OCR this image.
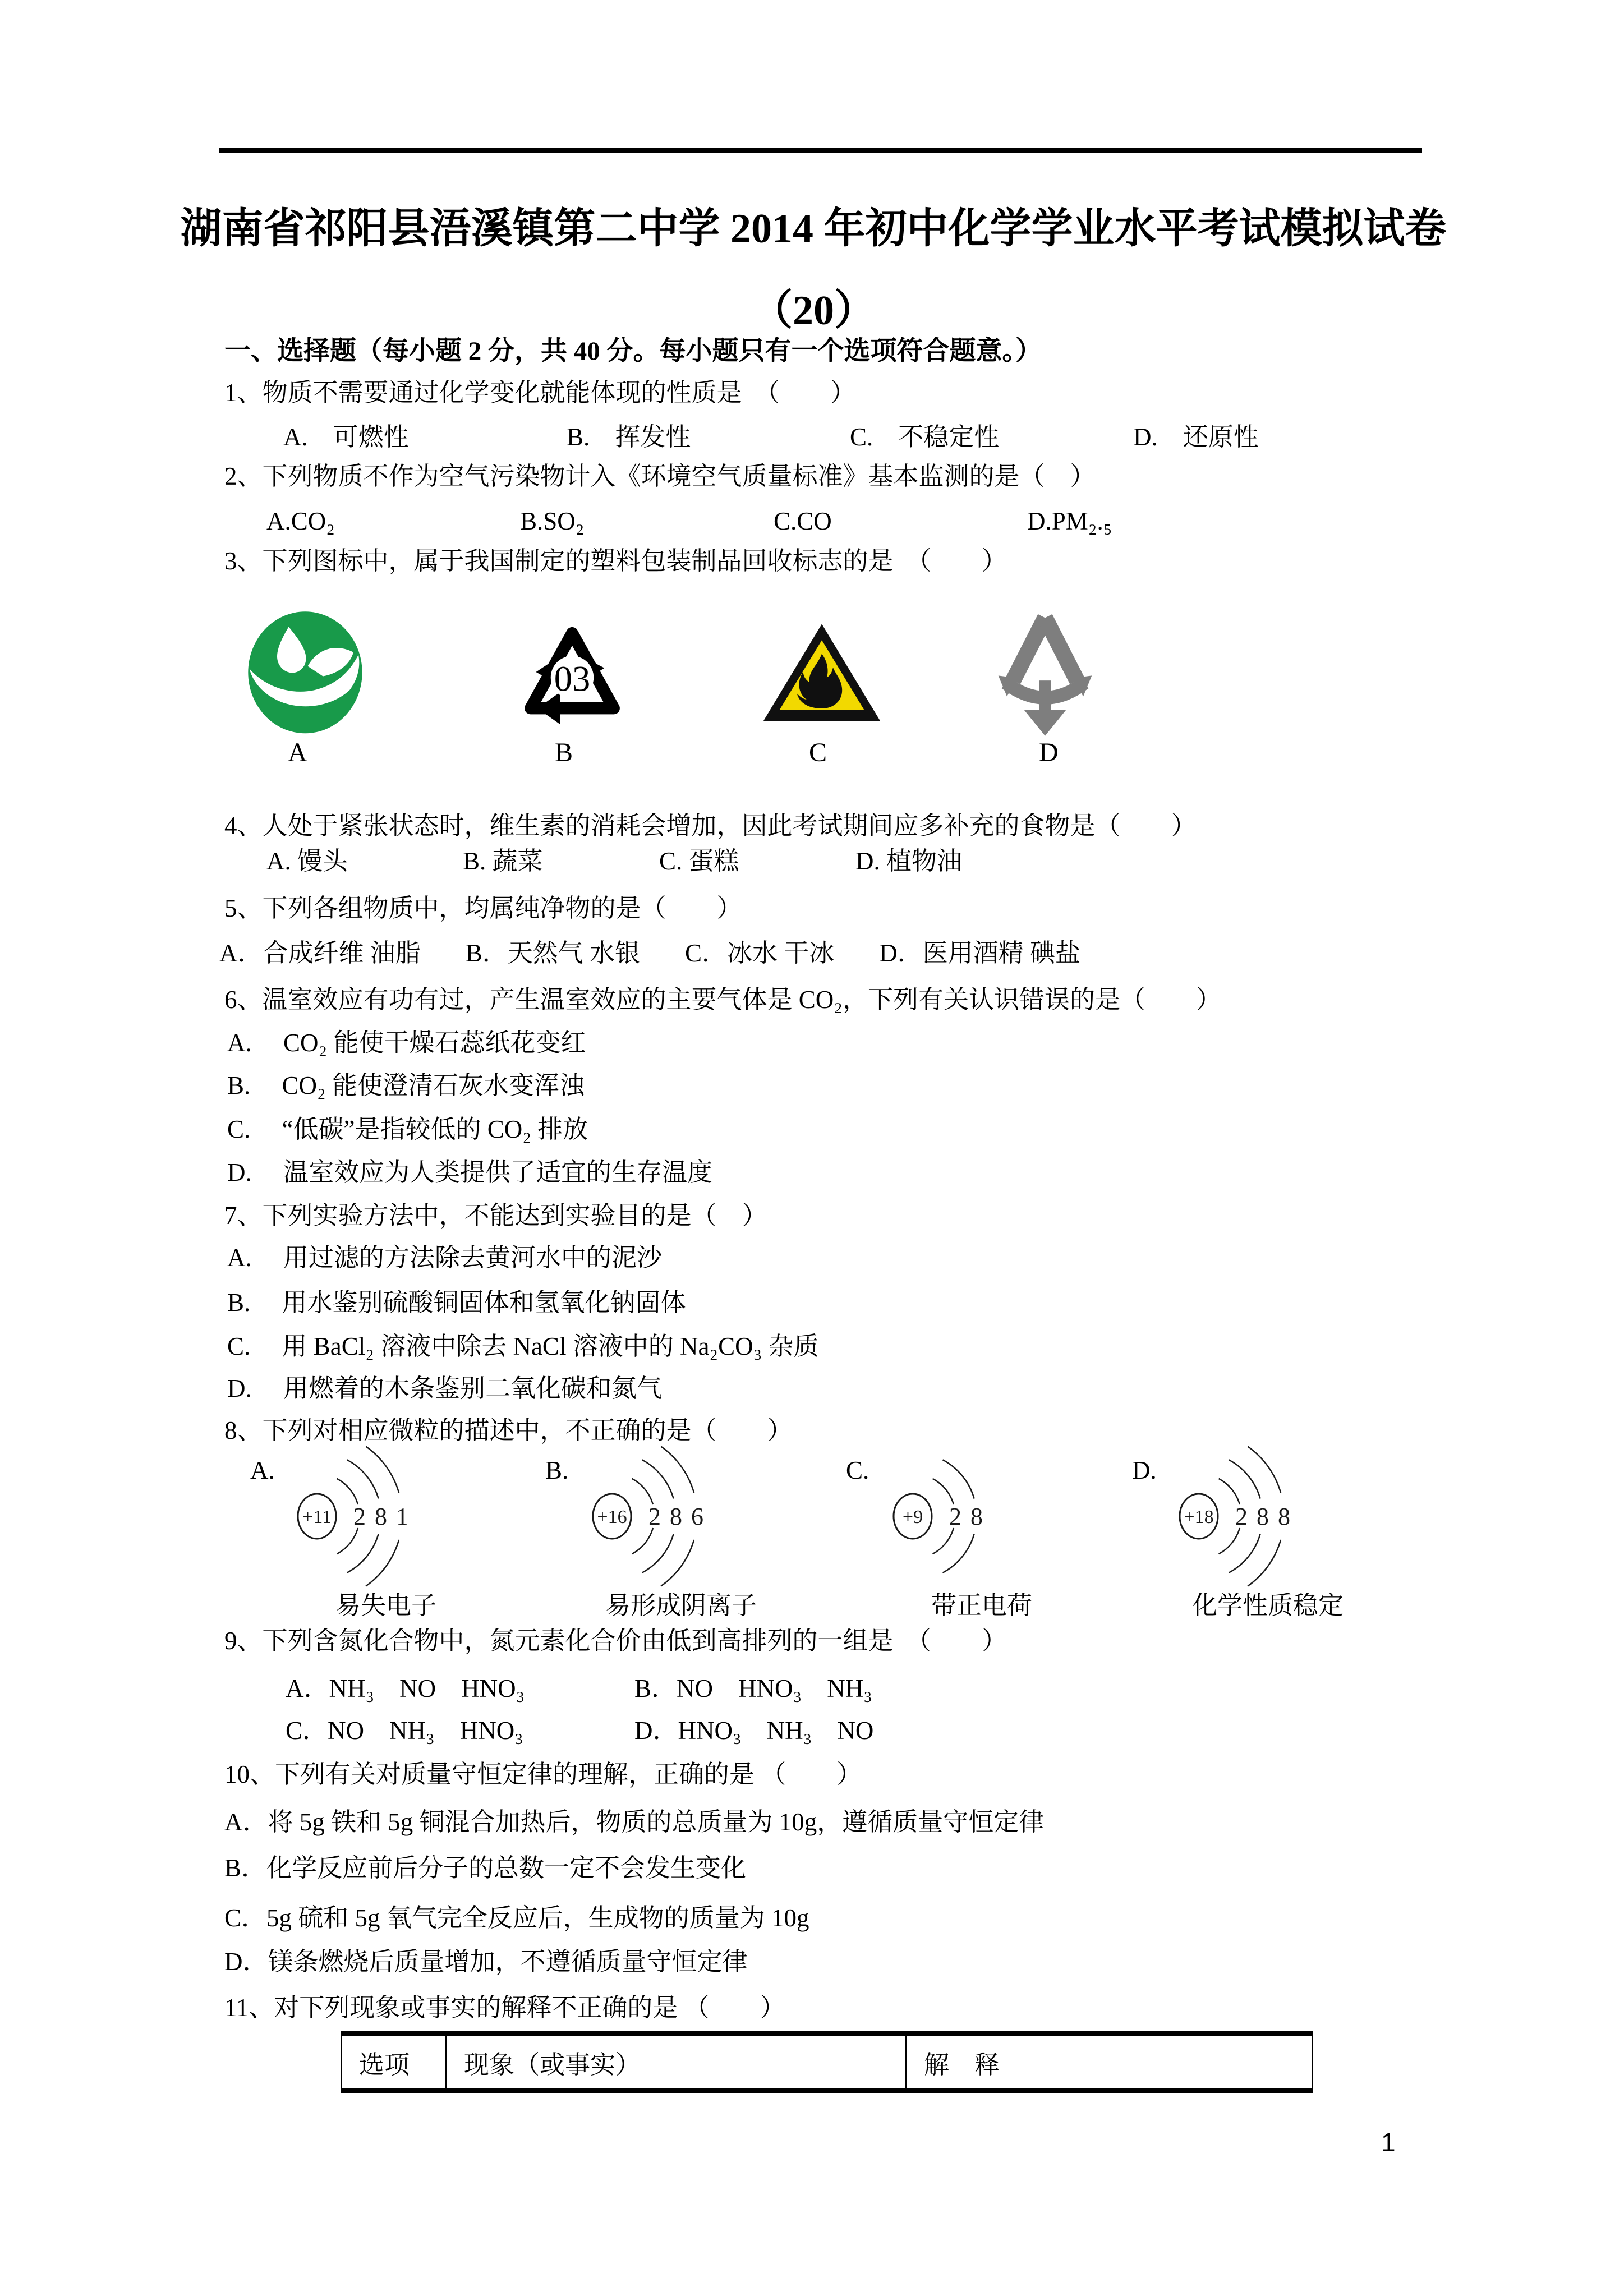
湖南省祁阳县浯溪镇第二中学 2014 年初中化学学业水平考试模拟试卷
（20）
一、选择题（每小题 2 分，共 40 分。每小题只有一个选项符合题意。）
1、物质不需要通过化学变化就能体现的性质是　（　　）
A.　可燃性	B.　挥发性	C.　不稳定性	D.　还原性
2、下列物质不作为空气污染物计入《环境空气质量标准》基本监测的是（　）
A.CO₂	B.SO₂	C.CO	D.PM₂.₅
3、下列图标中，属于我国制定的塑料包装制品回收标志的是　（　　）
03
A	B	C	D
4、人处于紧张状态时，维生素的消耗会增加，因此考试期间应多补充的食物是（　　）
A. 馒头	B. 蔬菜	C. 蛋糕	D. 植物油
5、下列各组物质中，均属纯净物的是（　　）
A．合成纤维 油脂 B．天然气 水银 C．冰水 干冰 D．医用酒精 碘盐
6、温室效应有功有过，产生温室效应的主要气体是 CO₂，下列有关认识错误的是（　　）
A.　 CO₂ 能使干燥石蕊纸花变红
B.　 CO₂ 能使澄清石灰水变浑浊
C.　 “低碳”是指较低的 CO₂ 排放
D.　 温室效应为人类提供了适宜的生存温度
7、下列实验方法中，不能达到实验目的是（　）
A.　 用过滤的方法除去黄河水中的泥沙
B.　 用水鉴别硫酸铜固体和氢氧化钠固体
C.　 用 BaCl₂ 溶液中除去 NaCl 溶液中的 Na₂CO₃ 杂质
D.　 用燃着的木条鉴别二氧化碳和氮气
8、下列对相应微粒的描述中，不正确的是（　　）
A.
+11 2 8 1
易失电子
B.
+16 2 8 6
易形成阴离子
C.
+9 2 8
带正电荷
D.
+18 2 8 8
化学性质稳定
9、下列含氮化合物中，氮元素化合价由低到高排列的一组是　（　　）
A．NH₃　NO　HNO₃	B．NO　HNO₃　NH₃
C．NO　NH₃　HNO₃	D．HNO₃　NH₃　NO
10、下列有关对质量守恒定律的理解，正确的是 （　　）
A．将 5g 铁和 5g 铜混合加热后，物质的总质量为 10g，遵循质量守恒定律
B．化学反应前后分子的总数一定不会发生变化
C．5g 硫和 5g 氧气完全反应后，生成物的质量为 10g
D．镁条燃烧后质量增加，不遵循质量守恒定律
11、对下列现象或事实的解释不正确的是 （　　）
选项	现象（或事实）	解　释
1
